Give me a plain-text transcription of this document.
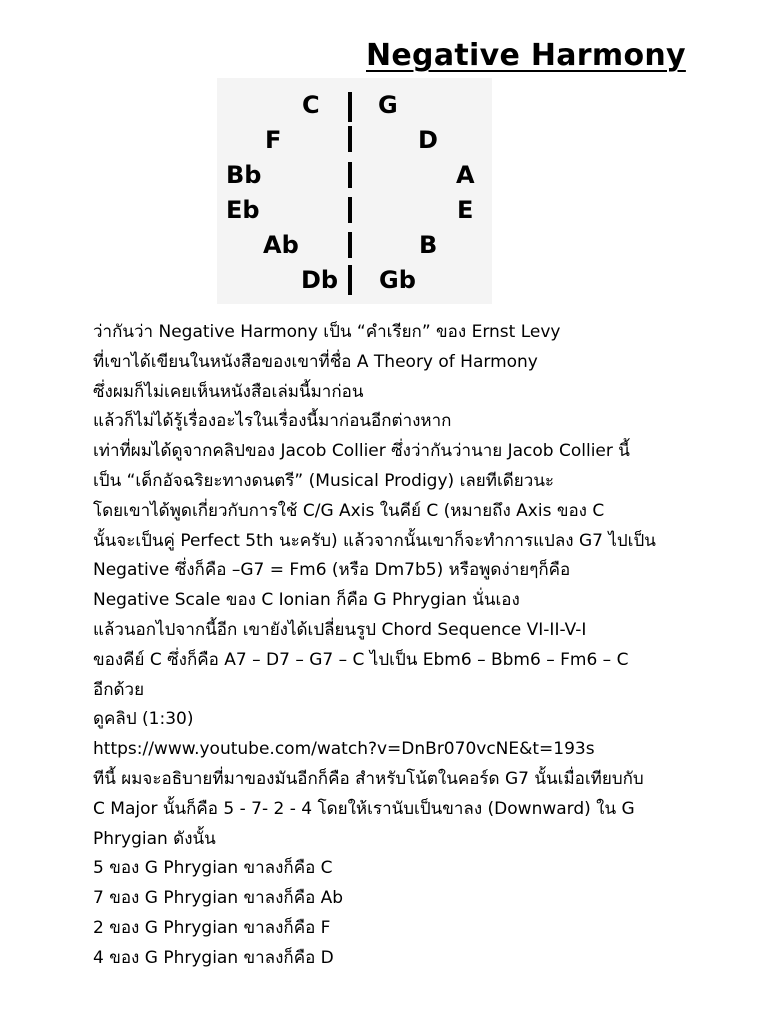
Negative Harmony
C G
F	D
Bb	A
Eb	E
Ab	B
Db Gb
ว่ากันว่า Negative Harmony เป็น “คำเรียก” ของ Ernst Levy
ที่เขาได้เขียนในหนังสือของเขาที่ชื่อ A Theory of Harmony
ซึ่งผมก็ไม่เคยเห็นหนังสือเล่มนี้มาก่อน
แล้วก็ไม่ได้รู้เรื่องอะไรในเรื่องนี้มาก่อนอีกต่างหาก
เท่าที่ผมได้ดูจากคลิปของ Jacob Collier ซึ่งว่ากันว่านาย Jacob Collier นี้
เป็น “เด็กอัจฉริยะทางดนตรี” (Musical Prodigy) เลยทีเดียวนะ
โดยเขาได้พูดเกี่ยวกับการใช้ C/G Axis ในคีย์ C (หมายถึง Axis ของ C
นั้นจะเป็นคู่ Perfect 5th นะครับ) แล้วจากนั้นเขาก็จะทำการแปลง G7 ไปเป็น
Negative ซึ่งก็คือ –G7 = Fm6 (หรือ Dm7b5) หรือพูดง่ายๆก็คือ
Negative Scale ของ C Ionian ก็คือ G Phrygian นั่นเอง
แล้วนอกไปจากนี้อีก เขายังได้เปลี่ยนรูป Chord Sequence VI-II-V-I
ของคีย์ C ซึ่งก็คือ A7 – D7 – G7 – C ไปเป็น Ebm6 – Bbm6 – Fm6 – C
อีกด้วย
ดูคลิป (1:30)
https://www.youtube.com/watch?v=DnBr070vcNE&t=193s
ทีนี้ ผมจะอธิบายที่มาของมันอีกก็คือ สำหรับโน้ตในคอร์ด G7 นั้นเมื่อเทียบกับ
C Major นั้นก็คือ 5 - 7- 2 - 4 โดยให้เรานับเป็นขาลง (Downward) ใน G
Phrygian ดังนั้น
5 ของ G Phrygian ขาลงก็คือ C
7 ของ G Phrygian ขาลงก็คือ Ab
2 ของ G Phrygian ขาลงก็คือ F
4 ของ G Phrygian ขาลงก็คือ D
